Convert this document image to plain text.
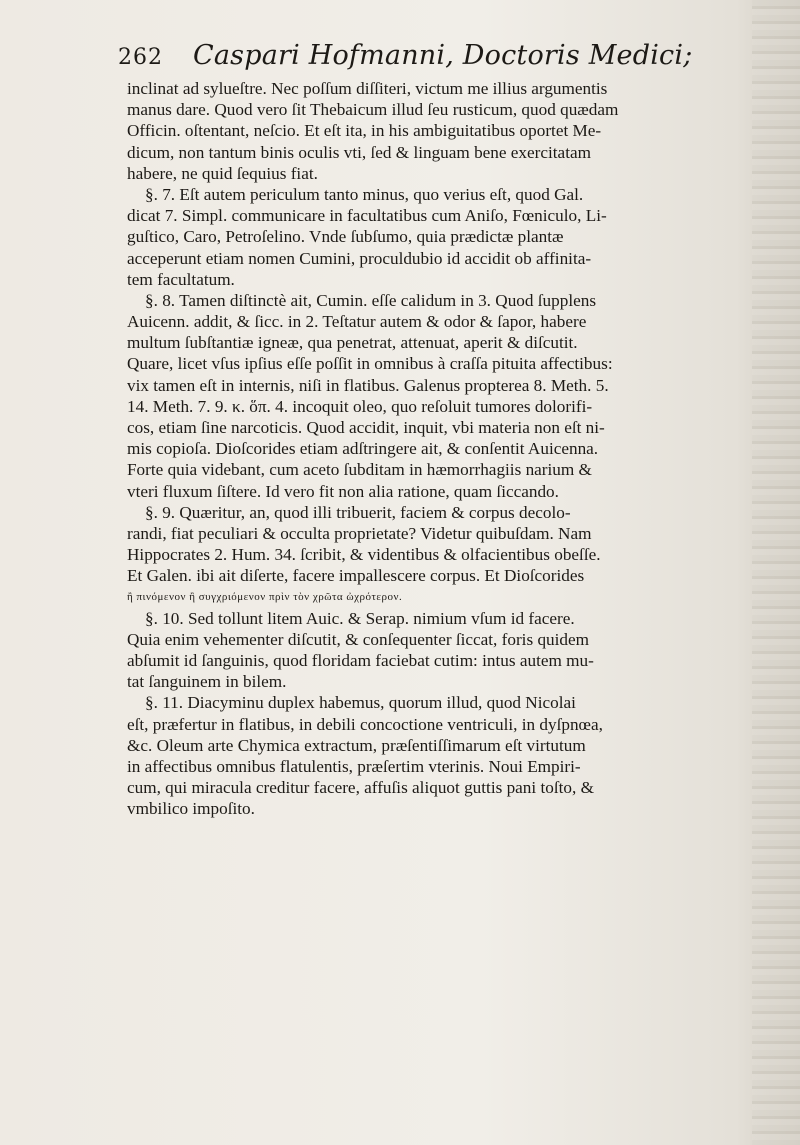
262 Caspari Hofmanni, Doctoris Medici;
inclinat ad sylueſtre. Nec poſſum diſſiteri, victum me illius argumentis
manus dare. Quod vero ſit Thebaicum illud ſeu rusticum, quod quædam
Officin. oſtentant, neſcio. Et eſt ita, in his ambiguitatibus oportet Me-
dicum, non tantum binis oculis vti, ſed & linguam bene exercitatam
habere, ne quid ſequius fiat.
§. 7. Eſt autem periculum tanto minus, quo verius eſt, quod Gal.
dicat 7. Simpl. communicare in facultatibus cum Aniſo, Fœniculo, Li-
guſtico, Caro, Petroſelino. Vnde ſubſumo, quia prædictæ plantæ
acceperunt etiam nomen Cumini, proculdubio id accidit ob affinita-
tem facultatum.
§. 8. Tamen diſtinctè ait, Cumin. eſſe calidum in 3. Quod ſupplens
Auicenn. addit, & ſicc. in 2. Teſtatur autem & odor & ſapor, habere
multum ſubſtantiæ igneæ, qua penetrat, attenuat, aperit & diſcutit.
Quare, licet vſus ipſius eſſe poſſit in omnibus à craſſa pituita affectibus:
vix tamen eſt in internis, niſi in flatibus. Galenus propterea 8. Meth. 5.
14. Meth. 7. 9. κ. ὅπ. 4. incoquit oleo, quo reſoluit tumores dolorifi-
cos, etiam ſine narcoticis. Quod accidit, inquit, vbi materia non eſt ni-
mis copioſa. Dioſcorides etiam adſtringere ait, & conſentit Auicenna.
Forte quia videbant, cum aceto ſubditam in hæmorrhagiis narium &
vteri fluxum ſiſtere. Id vero fit non alia ratione, quam ſiccando.
§. 9. Quæritur, an, quod illi tribuerit, faciem & corpus decolo-
randi, fiat peculiari & occulta proprietate? Videtur quibuſdam. Nam
Hippocrates 2. Hum. 34. ſcribit, & videntibus & olfacientibus obeſſe.
Et Galen. ibi ait diſerte, facere impallescere corpus. Et Dioſcorides
ἢ πινόμενον ἢ συγχριόμενον πρὶν τὸν χρῶτα ὠχρότερον.
§. 10. Sed tollunt litem Auic. & Serap. nimium vſum id facere.
Quia enim vehementer diſcutit, & conſequenter ſiccat, foris quidem
abſumit id ſanguinis, quod floridam faciebat cutim: intus autem mu-
tat ſanguinem in bilem.
§. 11. Diacyminu duplex habemus, quorum illud, quod Nicolai
eſt, præfertur in flatibus, in debili concoctione ventriculi, in dyſpnœa,
&c. Oleum arte Chymica extractum, præſentiſſimarum eſt virtutum
in affectibus omnibus flatulentis, præſertim vterinis. Noui Empiri-
cum, qui miracula creditur facere, affuſis aliquot guttis pani toſto, &
vmbilico impoſito.
